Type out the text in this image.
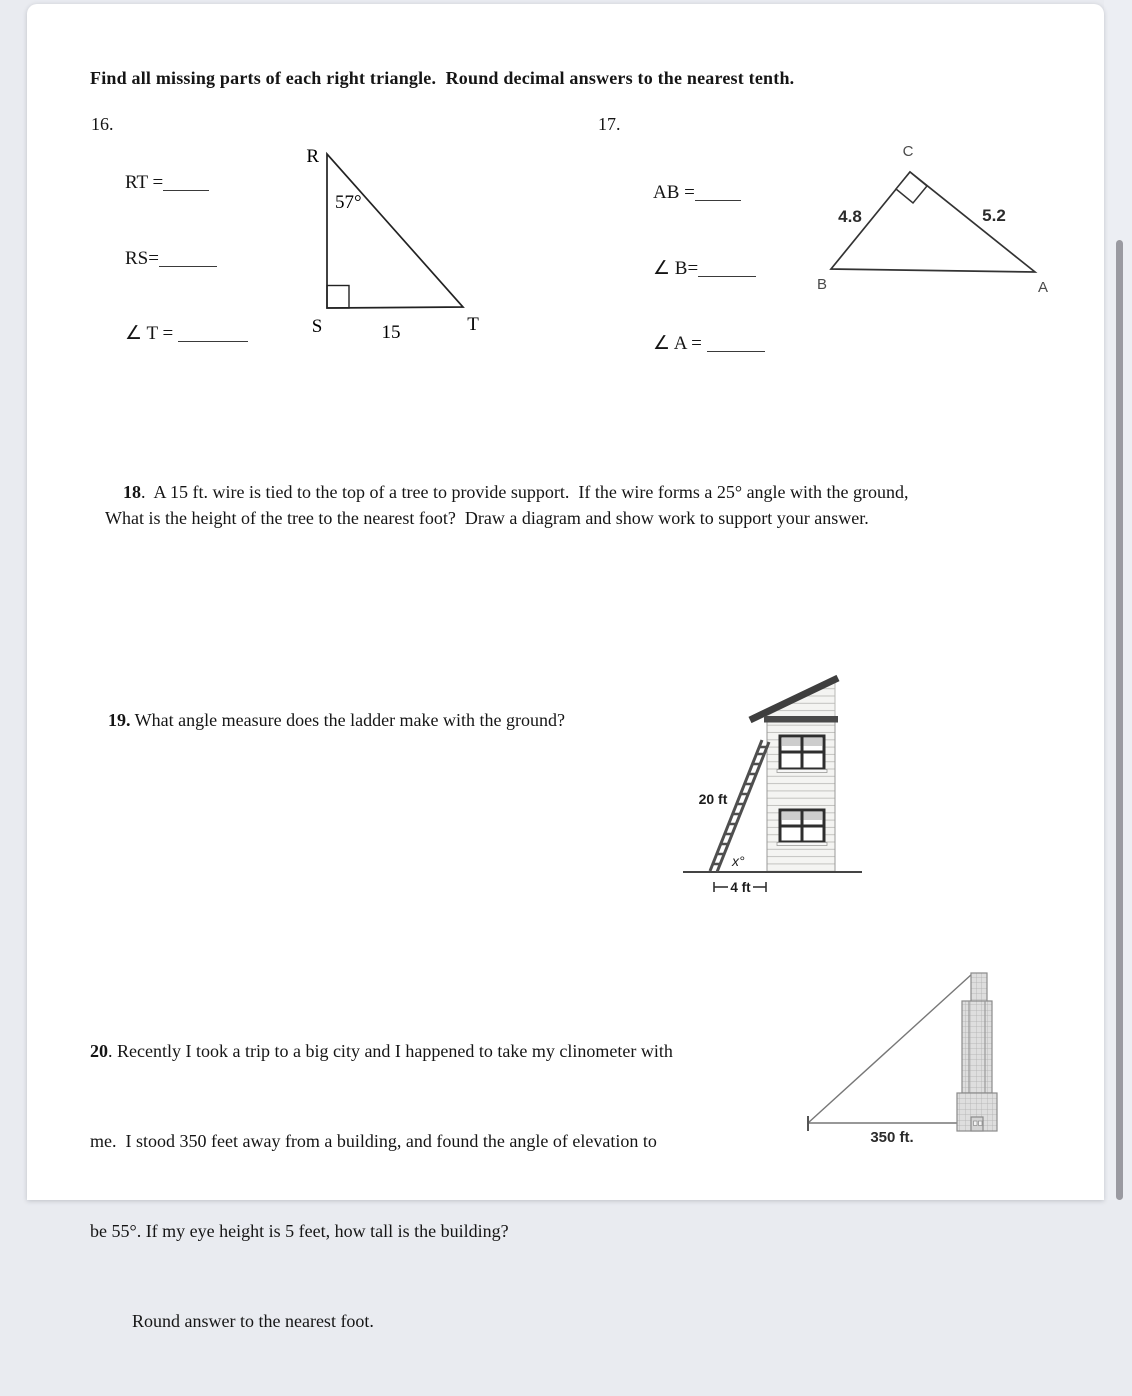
Find all missing parts of each right triangle.  Round decimal answers to the nearest tenth.
16.	17.

RT =

RS=

∠ T =

R
57°
S	T
15

AB =

∠ B=

∠ A =

C
B	A
4.8	5.2

18.  A 15 ft. wire is tied to the top of a tree to provide support.  If the wire forms a 25° angle with the ground,

What is the height of the tree to the nearest foot?  Draw a diagram and show work to support your answer.

19. What angle measure does the ladder make with the ground?

20 ft
x°
4 ft

20. Recently I took a trip to a big city and I happened to take my clinometer with

me.  I stood 350 feet away from a building, and found the angle of elevation to

be 55°. If my eye height is 5 feet, how tall is the building?

Round answer to the nearest foot.

350 ft.
